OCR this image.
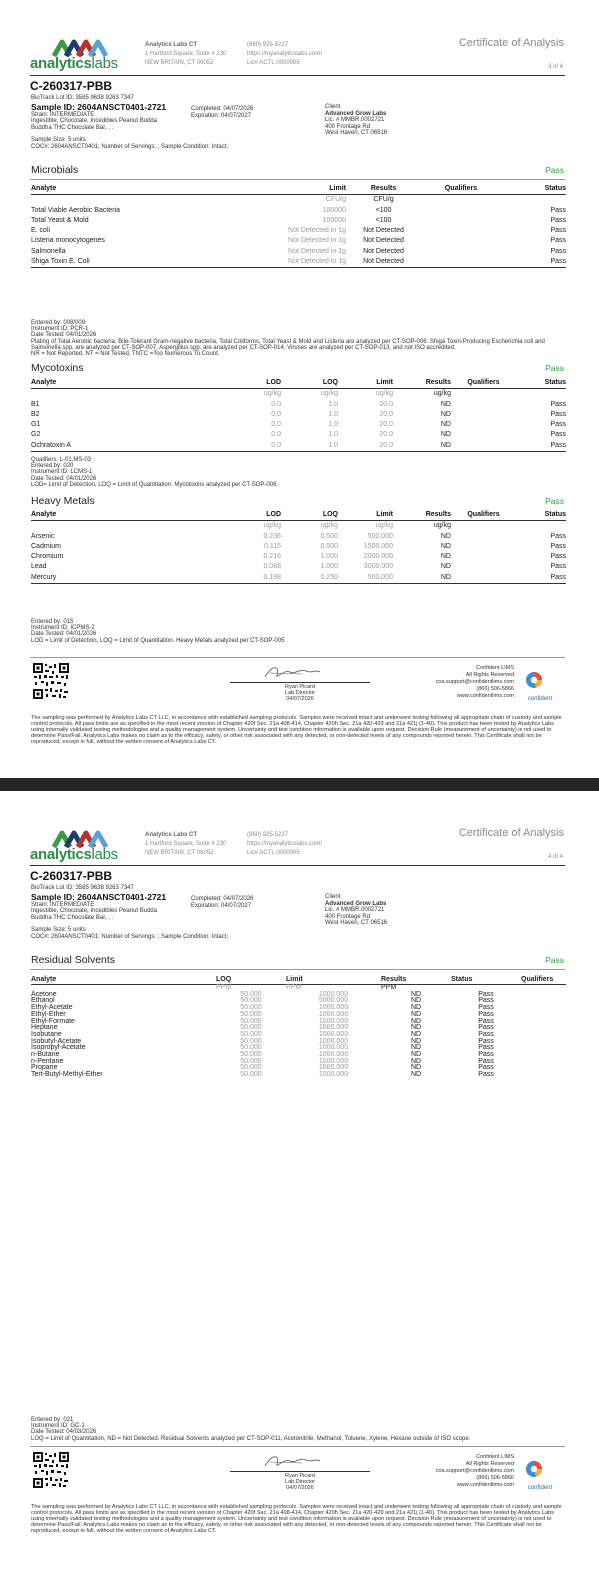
analyticslabs
Analytics Labs CT
1 Hartford Square, Suite # 230
NEW BRITAIN, CT 06052
(860) 925-5227
https://myanalyticslabs.com/
Lic# ACTL.0000005
Certificate of Analysis
3 of 4
C-260317-PBB
BioTrack Lot ID: 3585 9638 9263 7347
Sample ID: 2604ANSCT0401-2721
Strain: INTERMEDIATE
Ingestible, Chocolate, Incedibles Peanut Budda
Buddha THC Chocolate Bar, , .
Sample Size: 5 units
COC#: 2604ANSCT0401; Number of Servings: ; Sample Condition: Intact;
Completed: 04/07/2026
Expiration: 04/07/2027
Client
Advanced Grow Labs
Lic. # MMBR.0002721
400 Frontage Rd
West Haven, CT 06516
Microbials	Pass
Analyte	Limit	Results	Qualifiers	Status
	CFU/g	CFU/g		
Total Viable Aerobic Bacteria	100000	<100		Pass
Total Yeast & Mold	100000	<100		Pass
E. coli	Not Detected in 1g	Not Detected		Pass
Listeria monocytogenes	Not Detected in 1g	Not Detected		Pass
Salmonella	Not Detected in 1g	Not Detected		Pass
Shiga Toxin E. Coli	Not Detected in 1g	Not Detected		Pass
Entered by: 008/009
Instrument ID: PCR-1
Date Tested: 04/01/2026
Plating of Total Aerobic bacteria, Bile-Tolerant Gram-negative bacteria, Total Coliforms, Total Yeast & Mold and Listeria are analyzed per CT-SOP-006. Shiga Toxin-Producing Escherichia coli and Salmonella spp. are analyzed per CT-SOP-007. Aspergillus spp. are analyzed per CT-SOP-014. Viruses are analyzed per CT-SOP-013, and not ISO accredited.
NR = Not Reported, NT = Not Tested, TNTC =Too Numerous To Count.
Mycotoxins	Pass
Analyte	LOD	LOQ	Limit	Results	Qualifiers	Status
	ug/kg	ug/kg	ug/kg	ug/kg		
B1	0.0	1.0	20.0	ND		Pass
B2	0.0	1.0	20.0	ND		Pass
G1	0.0	1.0	20.0	ND		Pass
G2	0.0	1.0	20.0	ND		Pass
Ochratoxin A	0.0	1.0	20.0	ND		Pass
Qualifiers: L-01,MS-03
Entered by: 020
Instrument ID: LCMS-1
Date Tested: 04/01/2026
LOD= Limit of Detection, LOQ = Limit of Quantitation. Mycotoxins analyzed per CT-SOP-008.
Heavy Metals	Pass
Analyte	LOD	LOQ	Limit	Results	Qualifiers	Status
	ug/kg	ug/kg	ug/kg	ug/kg		
Arsenic	0.236	0.500	500.000	ND		Pass
Cadmium	0.115	0.500	1500.000	ND		Pass
Chromium	0.216	1.000	2000.000	ND		Pass
Lead	0.088	1.000	3000.000	ND		Pass
Mercury	0.188	0.250	500.000	ND		Pass
Entered by: 015
Instrument ID: ICPMS-2
Date Tested: 04/01/2026
LOD = Limit of Detection, LOQ = Limit of Quantitation. Heavy Metals analyzed per CT-SOP-005
Ryan Picard
Lab Director
04/07/2026
Confident LIMS
All Rights Reserved
coa.support@confidentlims.com
(866) 506-5866
www.confidentlims.com	confident
The sampling was performed by Analytics Labs CT LLC, in accordance with established sampling protocols. Samples were received intact and underwent testing following all appropriate chain of custody and sample control protocols. All pass limits are as specified in the most recent version of Chapter 420f Sec. 21a 408-414, Chapter 420h Sec. 21a 420-429 and 21a 421j (1-40). This product has been tested by Analytics Labs using internally validated testing methodologies and a quality management system. Uncertainty and test condition information is available upon request. Decision Rule (measurement of uncertainty) is not used to determine Pass/Fail. Analytics Labs makes no claim as to the efficacy, safety, or other risk associated with any detected, or non-detected levels of any compounds reported herein. This Certificate shall not be reproduced, except in full, without the written consent of Analytics Labs CT.
analyticslabs
Analytics Labs CT
1 Hartford Square, Suite # 230
NEW BRITAIN, CT 06052
(860) 925-5227
https://myanalyticslabs.com/
Lic# ACTL.0000005
Certificate of Analysis
4 of 4
C-260317-PBB
BioTrack Lot ID: 3585 9638 9263 7347
Sample ID: 2604ANSCT0401-2721
Strain: INTERMEDIATE
Ingestible, Chocolate, Incedibles Peanut Budda
Buddha THC Chocolate Bar, , .
Sample Size: 5 units
COC#: 2604ANSCT0401; Number of Servings: ; Sample Condition: Intact;
Completed: 04/07/2026
Expiration: 04/07/2027
Client
Advanced Grow Labs
Lic. # MMBR.0002721
400 Frontage Rd
West Haven, CT 06516
Residual Solvents	Pass
Analyte	LOQ	Limit	Results	Status	Qualifiers
	PPM	PPM	PPM		
Acetone	50.000	1000.000	ND	Pass	
Ethanol	50.000	5000.000	ND	Pass	
Ethyl-Acetate	50.000	1000.000	ND	Pass	
Ethyl-Ether	50.000	1000.000	ND	Pass	
Ethyl-Formate	50.000	1000.000	ND	Pass	
Heptane	50.000	1000.000	ND	Pass	
Isobutane	50.000	1000.000	ND	Pass	
Isobutyl-Acetate	50.000	1000.000	ND	Pass	
Isopropyl-Acetate	50.000	1000.000	ND	Pass	
n-Butane	50.000	1000.000	ND	Pass	
n-Pentane	50.000	1000.000	ND	Pass	
Propane	50.000	1000.000	ND	Pass	
Tert-Butyl-Methyl-Ether	50.000	1000.000	ND	Pass	
Entered by: 021
Instrument ID: GC-1
Date Tested: 04/03/2026
LOQ = Limit of Quantitation, ND = Not Detected. Residual Solvents analyzed per CT-SOP-011, Acetonitrile, Methanol, Toluene, Xylene, Hexane outside of ISO scope.
Ryan Picard
Lab Director
04/07/2026
Confident LIMS
All Rights Reserved
coa.support@confidentlims.com
(866) 506-5866
www.confidentlims.com	confident
The sampling was performed by Analytics Labs CT LLC, in accordance with established sampling protocols. Samples were received intact and underwent testing following all appropriate chain of custody and sample control protocols. All pass limits are as specified in the most recent version of Chapter 420f Sec. 21a 408-414, Chapter 420h Sec. 21a 420-429 and 21a 421j (1-40). This product has been tested by Analytics Labs using internally validated testing methodologies and a quality management system. Uncertainty and test condition information is available upon request. Decision Rule (measurement of uncertainty) is not used to determine Pass/Fail. Analytics Labs makes no claim as to the efficacy, safety, or other risk associated with any detected, or non-detected levels of any compounds reported herein. This Certificate shall not be reproduced, except in full, without the written consent of Analytics Labs CT.
